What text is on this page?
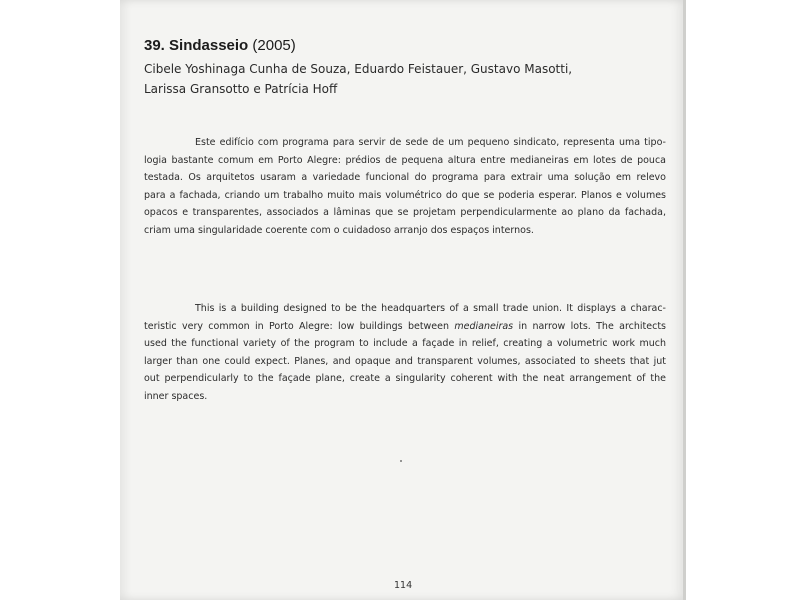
39. Sindasseio (2005)
Cibele Yoshinaga Cunha de Souza, Eduardo Feistauer, Gustavo Masotti,
Larissa Gransotto e Patrícia Hoff
Este edifício com programa para servir de sede de um pequeno sindicato, representa uma tipo-
logia bastante comum em Porto Alegre: prédios de pequena altura entre medianeiras em lotes de pouca
testada. Os arquitetos usaram a variedade funcional do programa para extrair uma solução em relevo
para a fachada, criando um trabalho muito mais volumétrico do que se poderia esperar. Planos e volumes
opacos e transparentes, associados a lâminas que se projetam perpendicularmente ao plano da fachada,
criam uma singularidade coerente com o cuidadoso arranjo dos espaços internos.
This is a building designed to be the headquarters of a small trade union. It displays a charac-
teristic very common in Porto Alegre: low buildings between medianeiras in narrow lots. The architects
used the functional variety of the program to include a façade in relief, creating a volumetric work much
larger than one could expect. Planes, and opaque and transparent volumes, associated to sheets that jut
out perpendicularly to the façade plane, create a singularity coherent with the neat arrangement of the
inner spaces.
114
